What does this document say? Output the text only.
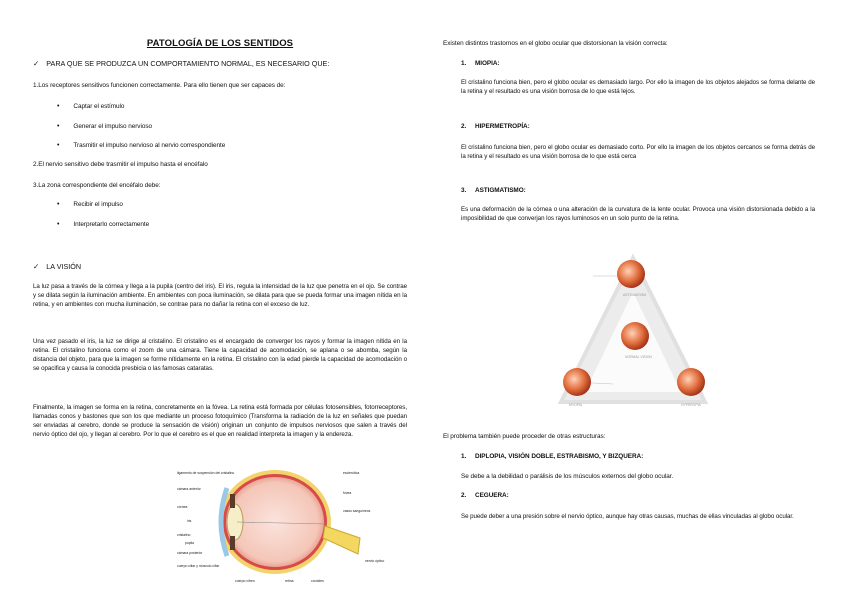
PATOLOGÍA DE LOS SENTIDOS
✓ PARA QUE SE PRODUZCA UN COMPORTAMIENTO NORMAL, ES NECESARIO QUE:
1.Los receptores sensitivos funcionen correctamente. Para ello tienen que ser capaces de:
• Captar el estímulo
• Generar el impulso nervioso
• Trasmitir el impulso nervioso al nervio correspondiente
2.El nervio sensitivo debe trasmitir el impulso hasta el encéfalo
3.La zona correspondiente del encéfalo debe:
• Recibir el impulso
• Interpretarlo correctamente
✓ LA VISIÓN
La luz pasa a través de la córnea y llega a la pupila (centro del iris). El iris, regula la intensidad de la luz que penetra en el ojo. Se contrae y se dilata según la iluminación ambiente. En ambientes con poca iluminación, se dilata para que se pueda formar una imagen nítida en la retina, y en ambientes con mucha iluminación, se contrae para no dañar la retina con el exceso de luz.
Una vez pasado el iris, la luz se dirige al cristalino. El cristalino es el encargado de converger los rayos y formar la imagen nítida en la retina. El cristalino funciona como el zoom de una cámara. Tiene la capacidad de acomodación, se aplana o se abomba, según la distancia del objeto, para que la imagen se forme nítidamente en la retina. El cristalino con la edad pierde la capacidad de acomodación o se opacifica y causa la conocida presbicia o las famosas cataratas.
Finalmente, la imagen se forma en la retina, concretamente en la fóvea. La retina está formada por células fotosensibles, fotorreceptores, llamadas conos y bastones que son los que mediante un proceso fotoquímico (Transforma la radiación de la luz en señales que puedan ser enviadas al cerebro, donde se produce la sensación de visión) originan un conjunto de impulsos nerviosos que salen a través del nervio óptico del ojo, y llegan al cerebro. Por lo que el cerebro es el que en realidad interpreta la imagen y la endereza.
ligamento de suspensión del cristalino
cámara anterior
córnea
iris
cristalino
pupila
cámara posterior
cuerpo ciliar y músculo ciliar
esclerótica
fóvea
vasos sanguíneos
nervio óptico
cuerpo vítreo	retina	coroides
Existen distintos trastornos en el globo ocular que distorsionan la visión correcta:
1. MIOPIA:
El cristalino funciona bien, pero el globo ocular es demasiado largo. Por ello la imagen de los objetos alejados se forma delante de la retina y el resultado es una visión borrosa de lo que está lejos.
2. HIPERMETROPÍA:
El cristalino funciona bien, pero el globo ocular es demasiado corto. Por ello la imagen de los objetos cercanos se forma detrás de la retina y el resultado es una visión borrosa de lo que está cerca
3. ASTIGMATISMO:
Es una deformación de la córnea o una alteración de la curvatura de la lente ocular. Provoca una visión distorsionada debido a la imposibilidad de que converjan los rayos luminosos en un solo punto de la retina.
ASTIGMATISM
NORMAL VISION
MYOPIA	HYPEROPIA
El problema también puede proceder de otras estructuras:
1. DIPLOPIA, VISIÓN DOBLE, ESTRABISMO, Y BIZQUERA:
Se debe a la debilidad o parálisis de los músculos externos del globo ocular.
2. CEGUERA:
Se puede deber a una presión sobre el nervio óptico, aunque hay otras causas, muchas de ellas vinculadas al globo ocular.
